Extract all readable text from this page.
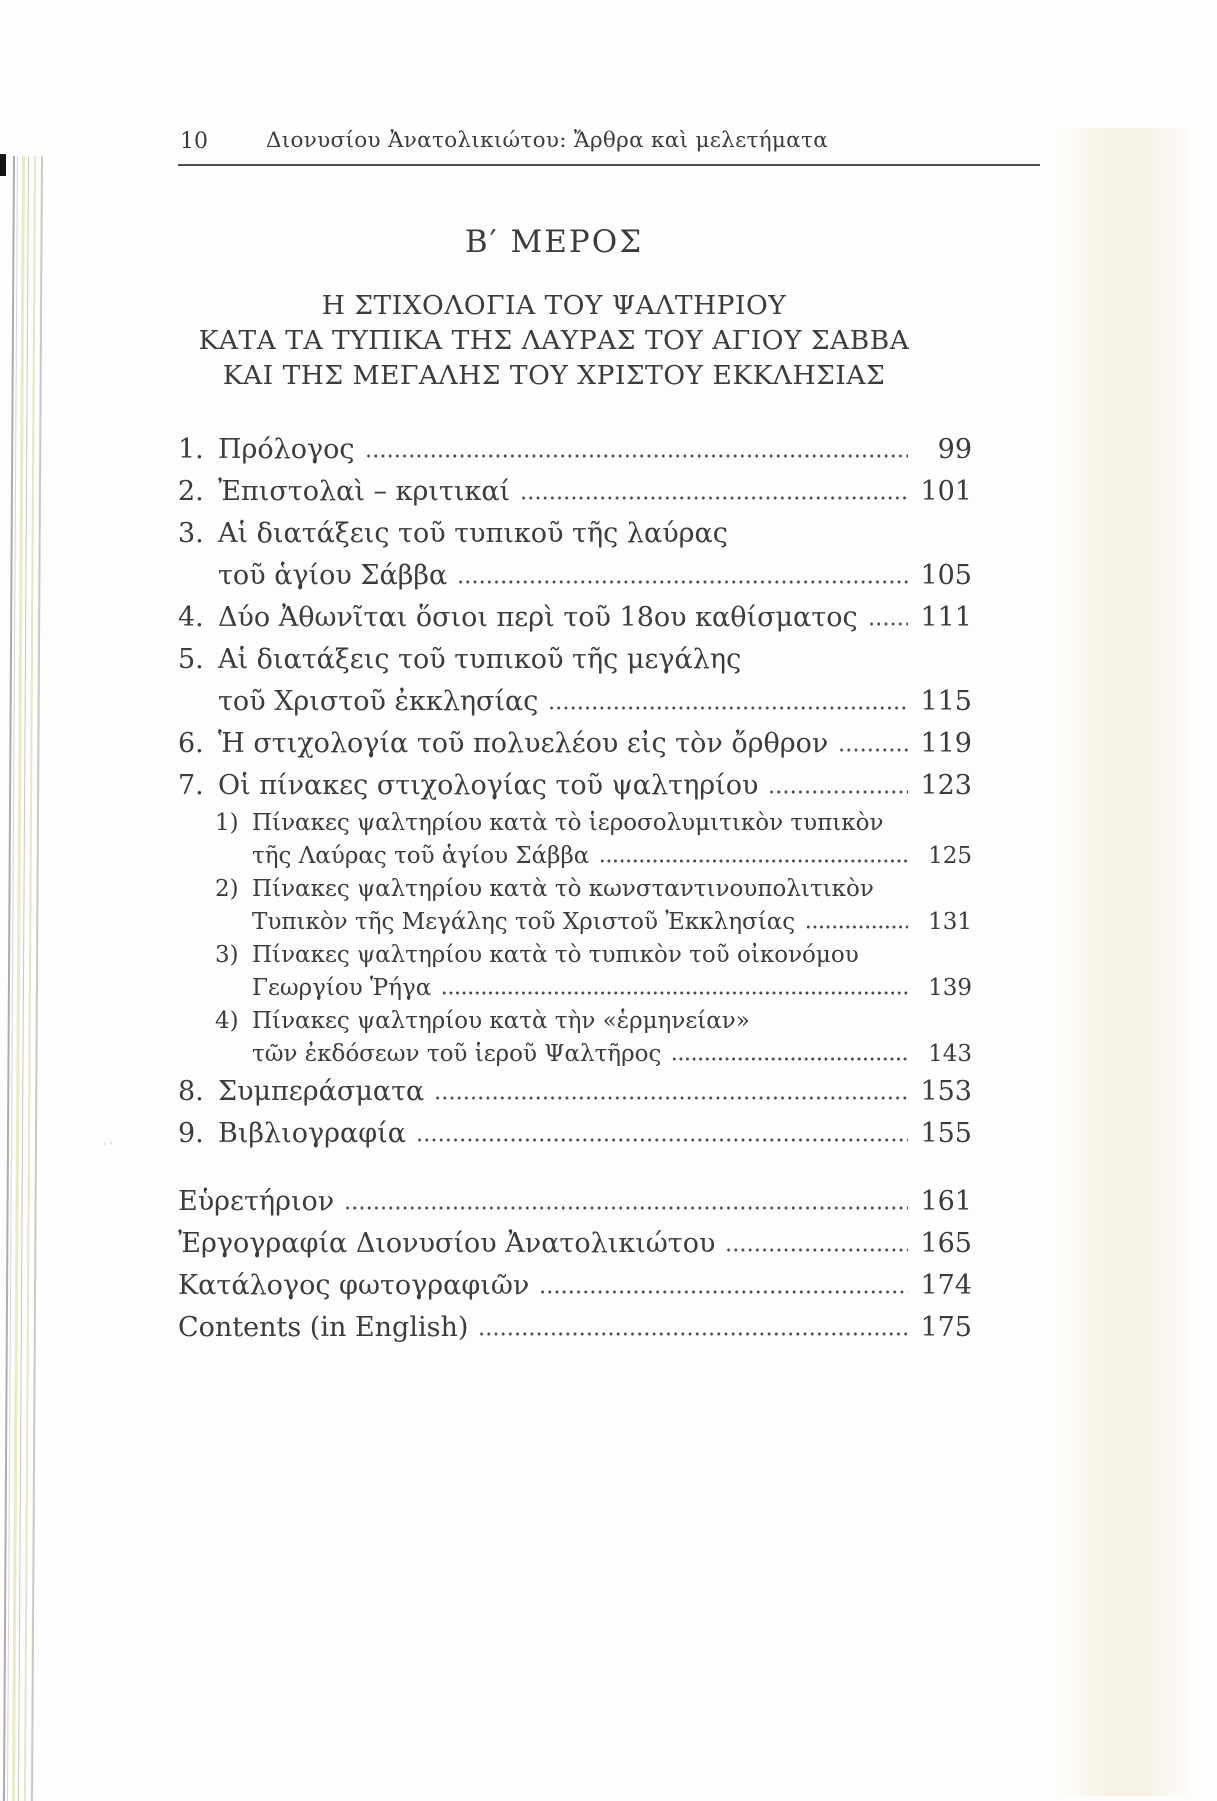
῾῾
10	Διονυσίου Ἀνατολικιώτου: Ἄρθρα καὶ μελετήματα
Β′ ΜΕΡΟΣ
Η ΣΤΙΧΟΛΟΓΙΑ ΤΟΥ ΨΑΛΤΗΡΙΟΥ
ΚΑΤΑ ΤΑ ΤΥΠΙΚΑ ΤΗΣ ΛΑΥΡΑΣ ΤΟΥ ΑΓΙΟΥ ΣΑΒΒΑ
ΚΑΙ ΤΗΣ ΜΕΓΑΛΗΣ ΤΟΥ ΧΡΙΣΤΟΥ ΕΚΚΛΗΣΙΑΣ
1. Πρόλογος	99
2. Ἐπιστολαὶ – κριτικαί	101
3. Αἱ διατάξεις τοῦ τυπικοῦ τῆς λαύρας
τοῦ ἁγίου Σάββα	105
4. Δύο Ἀθωνῖται ὅσιοι περὶ τοῦ 18ου καθίσματος 111
5. Αἱ διατάξεις τοῦ τυπικοῦ τῆς μεγάλης
τοῦ Χριστοῦ ἐκκλησίας	115
6. Ἡ στιχολογία τοῦ πολυελέου εἰς τὸν ὄρθρον	119
7. Οἱ πίνακες στιχολογίας τοῦ ψαλτηρίου	123
1) Πίνακες ψαλτηρίου κατὰ τὸ ἱεροσολυμιτικὸν τυπικὸν
τῆς Λαύρας τοῦ ἁγίου Σάββα	125
2) Πίνακες ψαλτηρίου κατὰ τὸ κωνσταντινουπολιτικὸν
Τυπικὸν τῆς Μεγάλης τοῦ Χριστοῦ Ἐκκλησίας	131
3) Πίνακες ψαλτηρίου κατὰ τὸ τυπικὸν τοῦ οἰκονόμου
Γεωργίου Ῥήγα	139
4) Πίνακες ψαλτηρίου κατὰ τὴν «ἑρμηνείαν»
τῶν ἐκδόσεων τοῦ ἱεροῦ Ψαλτῆρος	143
8. Συμπεράσματα	153
9. Βιβλιογραφία	155
Εὑρετήριον	161
Ἐργογραφία Διονυσίου Ἀνατολικιώτου	165
Κατάλογος φωτογραφιῶν	174
Contents (in English)	175
